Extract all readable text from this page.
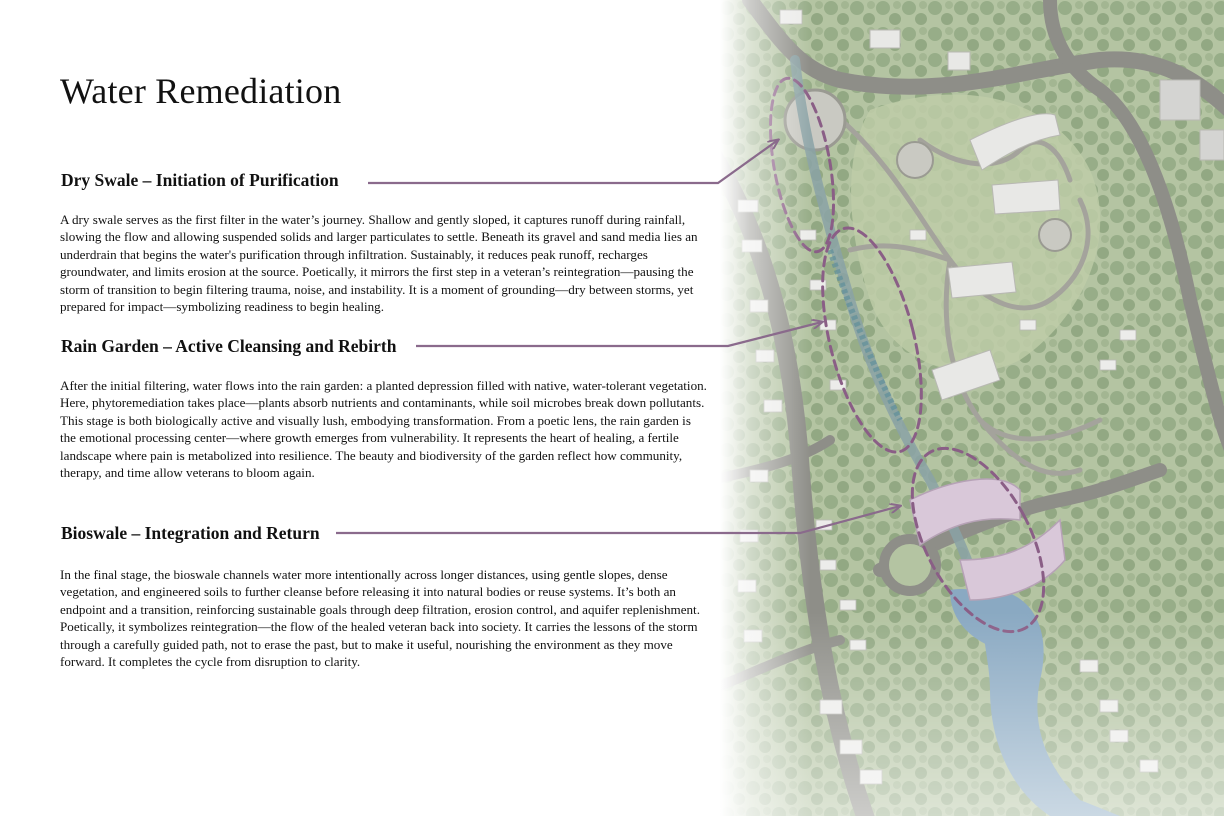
Water Remediation
Dry Swale – Initiation of Purification

A dry swale serves as the first filter in the water’s journey. Shallow and gently sloped, it captures runoff during rainfall, slowing the flow and allowing suspended solids and larger particulates to settle. Beneath its gravel and sand media lies an underdrain that begins the water's purification through infiltration. Sustainably, it reduces peak runoff, recharges groundwater, and limits erosion at the source. Poetically, it mirrors the first step in a veteran’s reintegration—pausing the storm of transition to begin filtering trauma, noise, and instability. It is a moment of grounding—dry between storms, yet prepared for impact—symbolizing readiness to begin healing.

Rain Garden – Active Cleansing and Rebirth

After the initial filtering, water flows into the rain garden: a planted depression filled with native, water-tolerant vegetation. Here, phytoremediation takes place—plants absorb nutrients and contaminants, while soil microbes break down pollutants. This stage is both biologically active and visually lush, embodying transformation. From a poetic lens, the rain garden is the emotional processing center—where growth emerges from vulnerability. It represents the heart of healing, a fertile landscape where pain is metabolized into resilience. The beauty and biodiversity of the garden reflect how community, therapy, and time allow veterans to bloom again.

Bioswale – Integration and Return

In the final stage, the bioswale channels water more intentionally across longer distances, using gentle slopes, dense vegetation, and engineered soils to further cleanse before releasing it into natural bodies or reuse systems. It’s both an endpoint and a transition, reinforcing sustainable goals through deep filtration, erosion control, and aquifer replenishment. Poetically, it symbolizes reintegration—the flow of the healed veteran back into society. It carries the lessons of the storm through a carefully guided path, not to erase the past, but to make it useful, nourishing the environment as they move forward. It completes the cycle from disruption to clarity.
